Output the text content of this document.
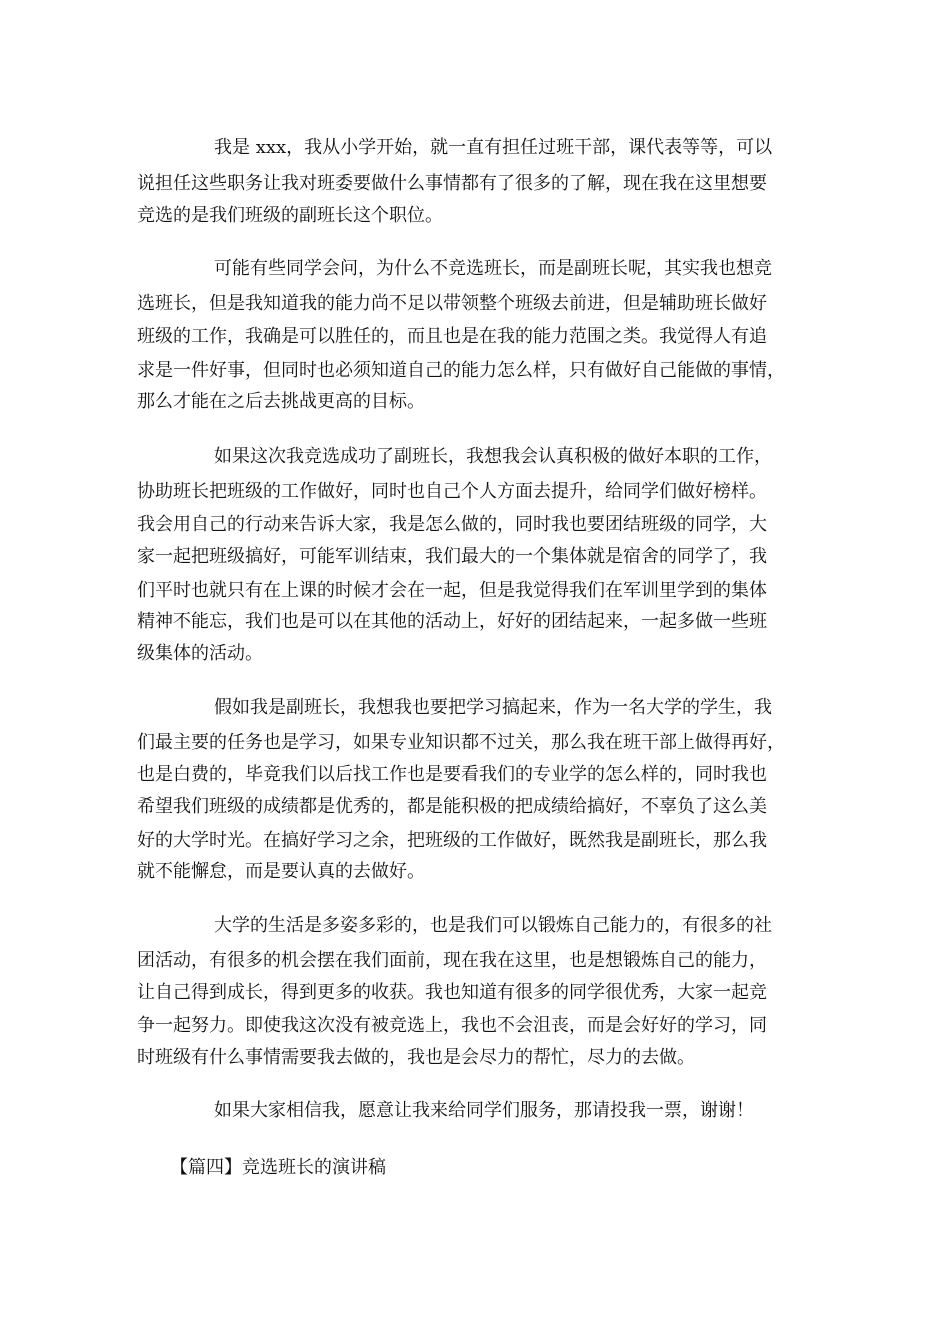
我是 xxx，我从小学开始，就一直有担任过班干部，课代表等等，可以

说担任这些职务让我对班委要做什么事情都有了很多的了解，现在我在这里想要

竞选的是我们班级的副班长这个职位。

可能有些同学会问，为什么不竞选班长，而是副班长呢，其实我也想竞

选班长，但是我知道我的能力尚不足以带领整个班级去前进，但是辅助班长做好

班级的工作，我确是可以胜任的，而且也是在我的能力范围之类。我觉得人有追

求是一件好事，但同时也必须知道自己的能力怎么样，只有做好自己能做的事情，

那么才能在之后去挑战更高的目标。

如果这次我竞选成功了副班长，我想我会认真积极的做好本职的工作，

协助班长把班级的工作做好，同时也自己个人方面去提升，给同学们做好榜样。

我会用自己的行动来告诉大家，我是怎么做的，同时我也要团结班级的同学，大

家一起把班级搞好，可能军训结束，我们最大的一个集体就是宿舍的同学了，我

们平时也就只有在上课的时候才会在一起，但是我觉得我们在军训里学到的集体

精神不能忘，我们也是可以在其他的活动上，好好的团结起来，一起多做一些班

级集体的活动。

假如我是副班长，我想我也要把学习搞起来，作为一名大学的学生，我

们最主要的任务也是学习，如果专业知识都不过关，那么我在班干部上做得再好，

也是白费的，毕竟我们以后找工作也是要看我们的专业学的怎么样的，同时我也

希望我们班级的成绩都是优秀的，都是能积极的把成绩给搞好，不辜负了这么美

好的大学时光。在搞好学习之余，把班级的工作做好，既然我是副班长，那么我

就不能懈怠，而是要认真的去做好。

大学的生活是多姿多彩的，也是我们可以锻炼自己能力的，有很多的社

团活动，有很多的机会摆在我们面前，现在我在这里，也是想锻炼自己的能力，

让自己得到成长，得到更多的收获。我也知道有很多的同学很优秀，大家一起竞

争一起努力。即使我这次没有被竞选上，我也不会沮丧，而是会好好的学习，同

时班级有什么事情需要我去做的，我也是会尽力的帮忙，尽力的去做。

如果大家相信我，愿意让我来给同学们服务，那请投我一票，谢谢！

【篇四】竞选班长的演讲稿
